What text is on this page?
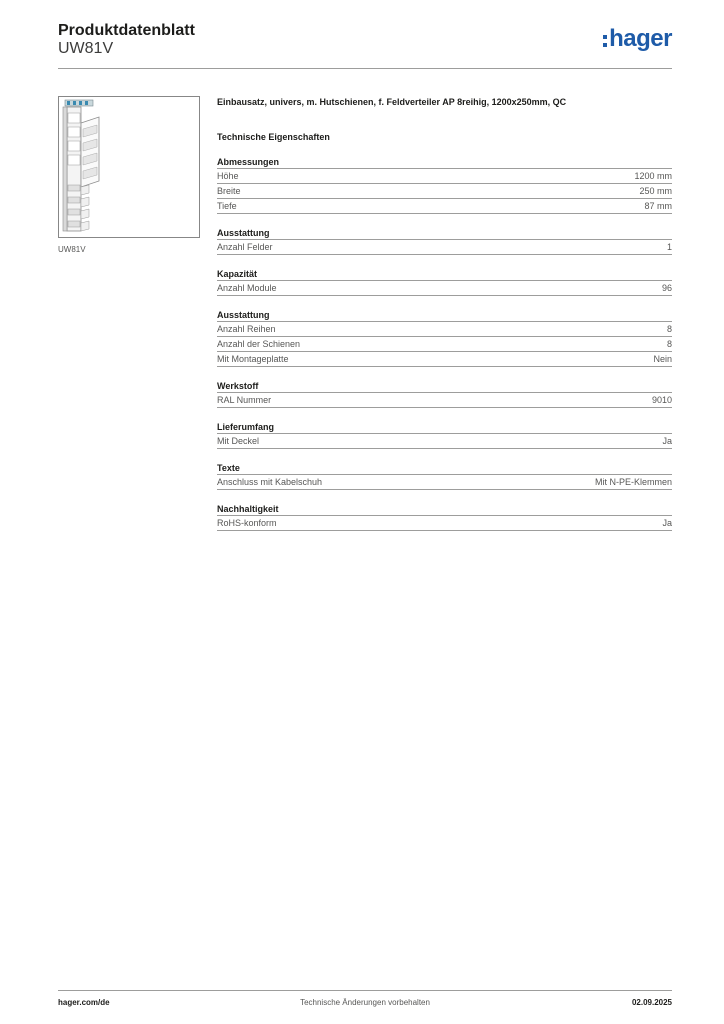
Produktdatenblatt
UW81V	hager
UW81V
Einbausatz, univers, m. Hutschienen, f. Feldverteiler AP 8reihig, 1200x250mm, QC
Technische Eigenschaften
Abmessungen
Höhe	1200 mm
Breite	250 mm
Tiefe	87 mm
Ausstattung
Anzahl Felder	1
Kapazität
Anzahl Module	96
Ausstattung
Anzahl Reihen	8
Anzahl der Schienen	8
Mit Montageplatte	Nein
Werkstoff
RAL Nummer	9010
Lieferumfang
Mit Deckel	Ja
Texte
Anschluss mit Kabelschuh	Mit N-PE-Klemmen
Nachhaltigkeit
RoHS-konform	Ja
hager.com/de	Technische Änderungen vorbehalten	02.09.2025
